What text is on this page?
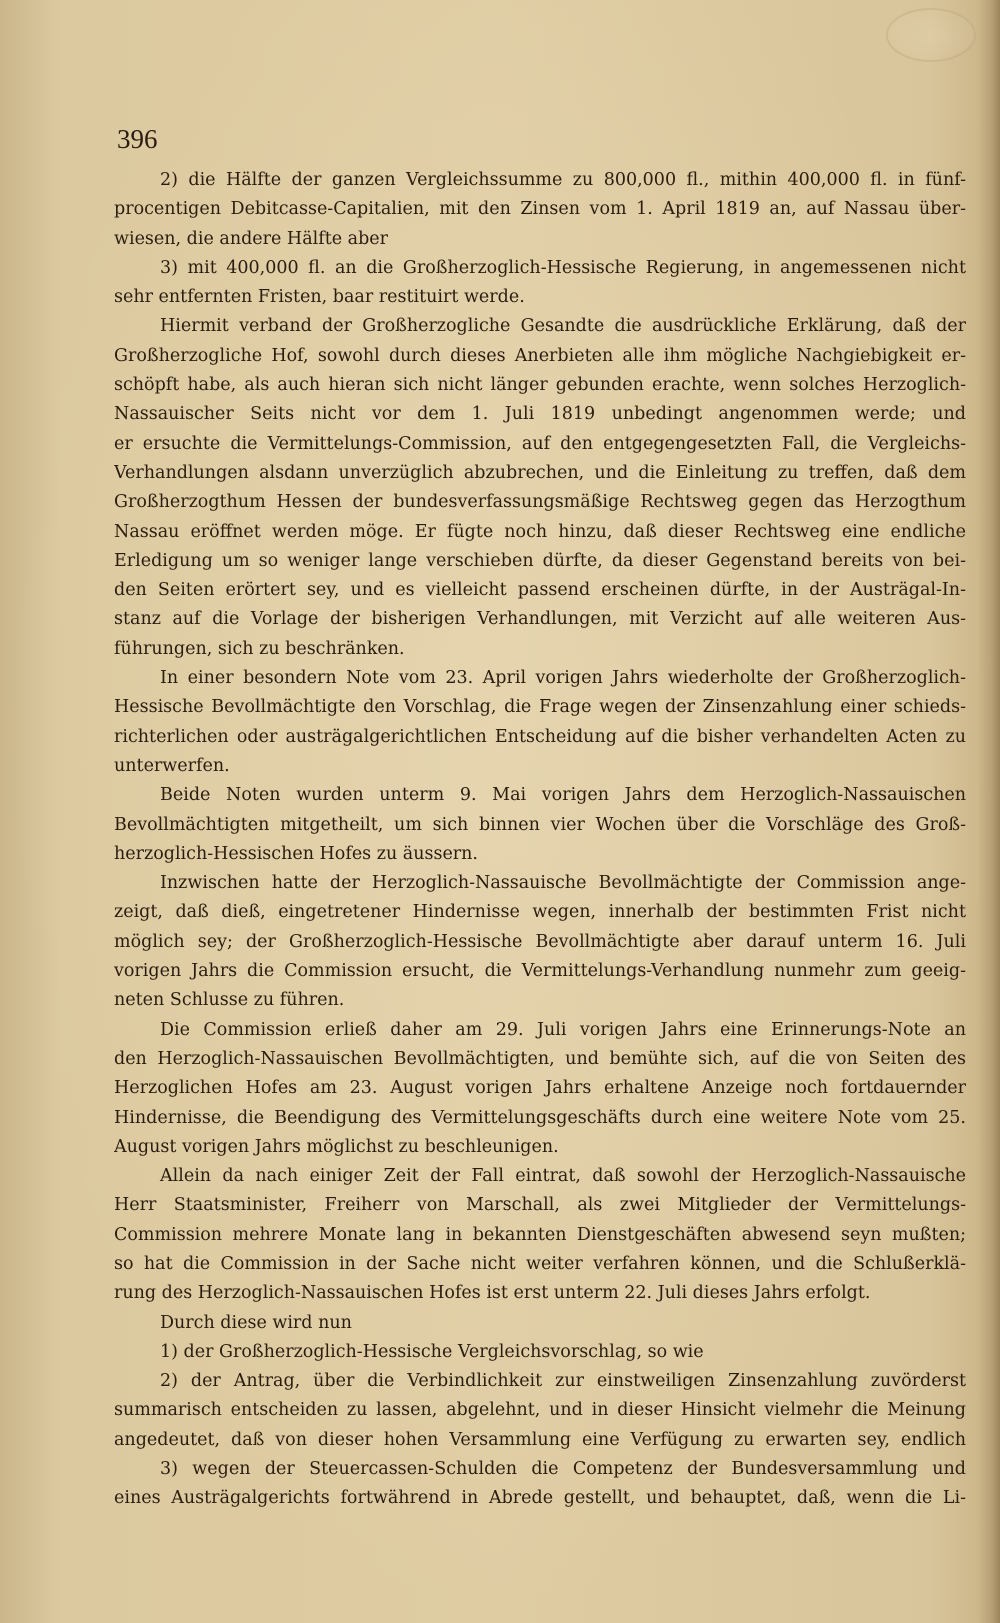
396
2) die Hälfte der ganzen Vergleichssumme zu 800,000 fl., mithin 400,000 fl. in fünf-
procentigen Debitcasse-Capitalien, mit den Zinsen vom 1. April 1819 an, auf Nassau über-
wiesen, die andere Hälfte aber
3) mit 400,000 fl. an die Großherzoglich-Hessische Regierung, in angemessenen nicht
sehr entfernten Fristen, baar restituirt werde.
Hiermit verband der Großherzogliche Gesandte die ausdrückliche Erklärung, daß der
Großherzogliche Hof, sowohl durch dieses Anerbieten alle ihm mögliche Nachgiebigkeit er-
schöpft habe, als auch hieran sich nicht länger gebunden erachte, wenn solches Herzoglich-
Nassauischer Seits nicht vor dem 1. Juli 1819 unbedingt angenommen werde; und
er ersuchte die Vermittelungs-Commission, auf den entgegengesetzten Fall, die Vergleichs-
Verhandlungen alsdann unverzüglich abzubrechen, und die Einleitung zu treffen, daß dem
Großherzogthum Hessen der bundesverfassungsmäßige Rechtsweg gegen das Herzogthum
Nassau eröffnet werden möge. Er fügte noch hinzu, daß dieser Rechtsweg eine endliche
Erledigung um so weniger lange verschieben dürfte, da dieser Gegenstand bereits von bei-
den Seiten erörtert sey, und es vielleicht passend erscheinen dürfte, in der Austrägal-In-
stanz auf die Vorlage der bisherigen Verhandlungen, mit Verzicht auf alle weiteren Aus-
führungen, sich zu beschränken.
In einer besondern Note vom 23. April vorigen Jahrs wiederholte der Großherzoglich-
Hessische Bevollmächtigte den Vorschlag, die Frage wegen der Zinsenzahlung einer schieds-
richterlichen oder austrägalgerichtlichen Entscheidung auf die bisher verhandelten Acten zu
unterwerfen.
Beide Noten wurden unterm 9. Mai vorigen Jahrs dem Herzoglich-Nassauischen
Bevollmächtigten mitgetheilt, um sich binnen vier Wochen über die Vorschläge des Groß-
herzoglich-Hessischen Hofes zu äussern.
Inzwischen hatte der Herzoglich-Nassauische Bevollmächtigte der Commission ange-
zeigt, daß dieß, eingetretener Hindernisse wegen, innerhalb der bestimmten Frist nicht
möglich sey; der Großherzoglich-Hessische Bevollmächtigte aber darauf unterm 16. Juli
vorigen Jahrs die Commission ersucht, die Vermittelungs-Verhandlung nunmehr zum geeig-
neten Schlusse zu führen.
Die Commission erließ daher am 29. Juli vorigen Jahrs eine Erinnerungs-Note an
den Herzoglich-Nassauischen Bevollmächtigten, und bemühte sich, auf die von Seiten des
Herzoglichen Hofes am 23. August vorigen Jahrs erhaltene Anzeige noch fortdauernder
Hindernisse, die Beendigung des Vermittelungsgeschäfts durch eine weitere Note vom 25.
August vorigen Jahrs möglichst zu beschleunigen.
Allein da nach einiger Zeit der Fall eintrat, daß sowohl der Herzoglich-Nassauische
Herr Staatsminister, Freiherr von Marschall, als zwei Mitglieder der Vermittelungs-
Commission mehrere Monate lang in bekannten Dienstgeschäften abwesend seyn mußten;
so hat die Commission in der Sache nicht weiter verfahren können, und die Schlußerklä-
rung des Herzoglich-Nassauischen Hofes ist erst unterm 22. Juli dieses Jahrs erfolgt.
Durch diese wird nun
1) der Großherzoglich-Hessische Vergleichsvorschlag, so wie
2) der Antrag, über die Verbindlichkeit zur einstweiligen Zinsenzahlung zuvörderst
summarisch entscheiden zu lassen, abgelehnt, und in dieser Hinsicht vielmehr die Meinung
angedeutet, daß von dieser hohen Versammlung eine Verfügung zu erwarten sey, endlich
3) wegen der Steuercassen-Schulden die Competenz der Bundesversammlung und
eines Austrägalgerichts fortwährend in Abrede gestellt, und behauptet, daß, wenn die Li-
